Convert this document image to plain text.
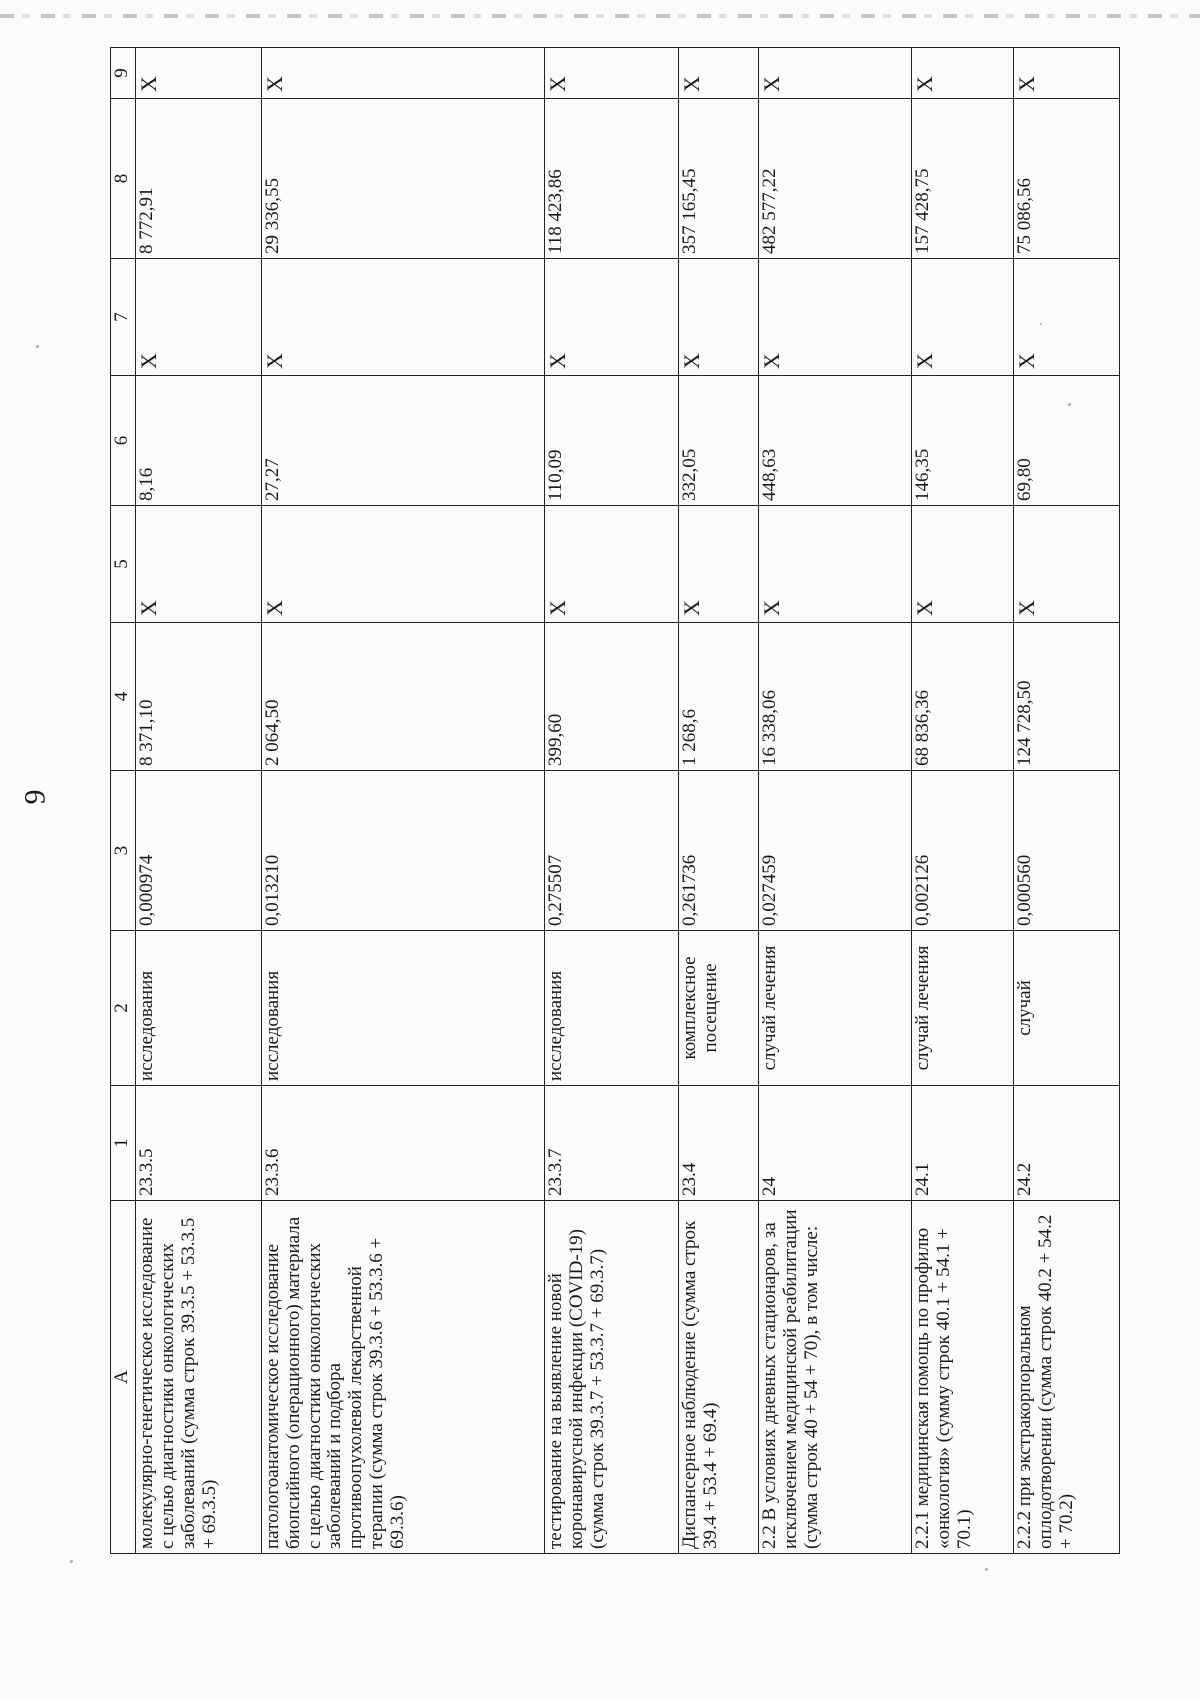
9
А	1	2	3	4	5	6	7	8	9
молекулярно-генетическое исследование с целью диагностики онкологических заболеваний (сумма строк 39.3.5 + 53.3.5 + 69.3.5)	23.3.5	исследования	0,000974	8 371,10	Х	8,16	Х	8 772,91	Х
патологоанатомическое исследование биопсийного (операционного) материала с целью диагностики онкологических заболеваний и подбора противоопухолевой лекарственной терапии (сумма строк 39.3.6 + 53.3.6 + 69.3.6)	23.3.6	исследования	0,013210	2 064,50	Х	27,27	Х	29 336,55	Х
тестирование на выявление новой коронавирусной инфекции (COVID-19) (сумма строк 39.3.7 + 53.3.7 + 69.3.7)	23.3.7	исследования	0,275507	399,60	Х	110,09	Х	118 423,86	Х
Диспансерное наблюдение (сумма строк 39.4 + 53.4 + 69.4)	23.4	комплексное посещение	0,261736	1 268,6	Х	332,05	Х	357 165,45	Х
2.2 В условиях дневных стационаров, за исключением медицинской реабилитации (сумма строк 40 + 54 + 70), в том числе:	24	случай лечения	0,027459	16 338,06	Х	448,63	Х	482 577,22	Х
2.2.1 медицинская помощь по профилю «онкология» (сумму строк 40.1 + 54.1 + 70.1)	24.1	случай лечения	0,002126	68 836,36	Х	146,35	Х	157 428,75	Х
2.2.2 при экстракорпоральном оплодотворении (сумма строк 40.2 + 54.2 + 70.2)	24.2	случай	0,000560	124 728,50	Х	69,80	Х	75 086,56	Х
